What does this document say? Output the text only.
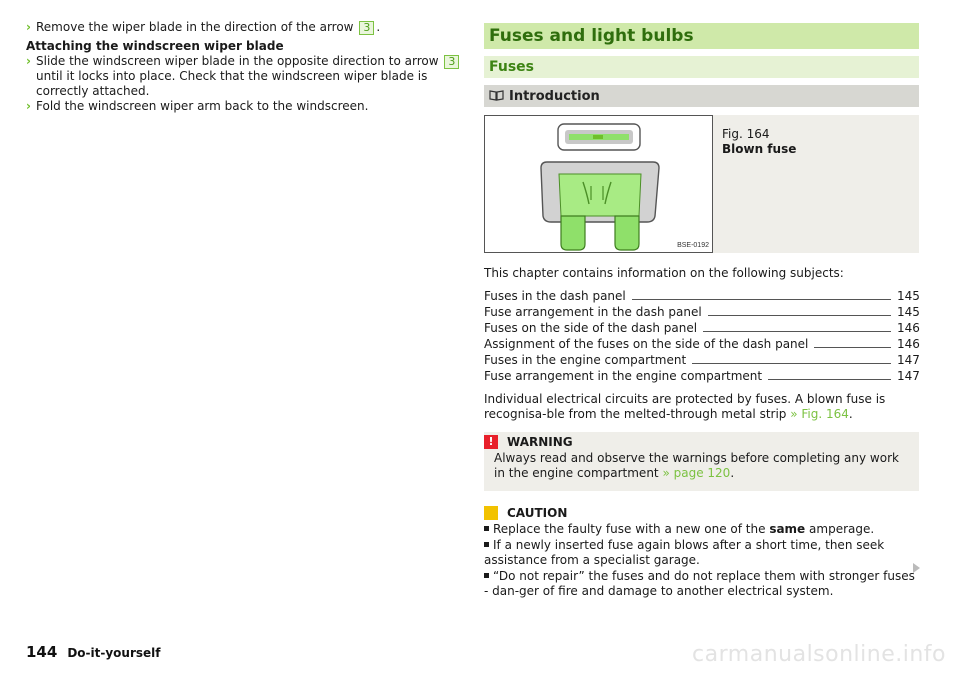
› Remove the wiper blade in the direction of the arrow 3 .
Attaching the windscreen wiper blade
› Slide the windscreen wiper blade in the opposite direction to arrow 3 until it locks into place. Check that the windscreen wiper blade is correctly attached.
› Fold the windscreen wiper arm back to the windscreen.
Fuses and light bulbs
Fuses
Introduction
BSE-0192
Fig. 164
Blown fuse

This chapter contains information on the following subjects:

Fuses in the dash panel	145
Fuse arrangement in the dash panel	145
Fuses on the side of the dash panel	146
Assignment of the fuses on the side of the dash panel	146
Fuses in the engine compartment	147
Fuse arrangement in the engine compartment	147

Individual electrical circuits are protected by fuses. A blown fuse is recognisa-ble from the melted-through metal strip » Fig. 164.

!	WARNING
Always read and observe the warnings before completing any work in the engine compartment » page 120.
CAUTION
Replace the faulty fuse with a new one of the same amperage.
If a newly inserted fuse again blows after a short time, then seek assistance from a specialist garage.
“Do not repair” the fuses and do not replace them with stronger fuses - dan-ger of fire and damage to another electrical system.
144 Do-it-yourself	carmanualsonline.info
